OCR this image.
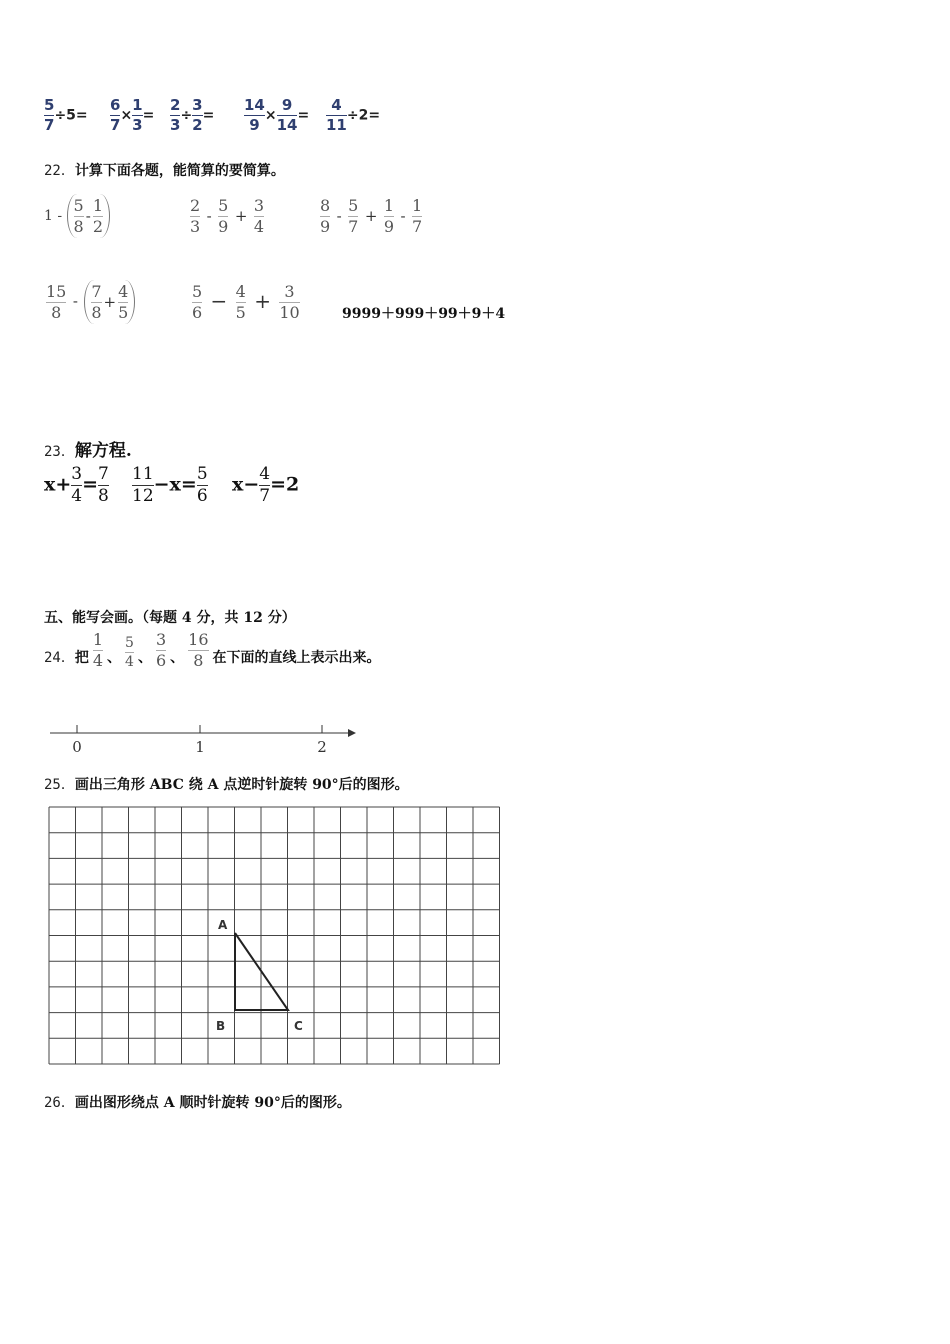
$\frac{5}{7} \div 5= \frac{6}{7} \times \frac{1}{3} = \frac{2}{3} \div \frac{3}{2} = \frac{14}{9} \times \frac{9}{14} = \frac{4}{11} \div 2=$
22．计算下面各题，能简算的要简算。
$1 - \frac{5}{8} - \frac{1}{2}$	$\frac{2}{3} - \frac{5}{9} + \frac{3}{4}$	$\frac{8}{9} - \frac{5}{7} + \frac{1}{9} - \frac{1}{7}$
$\frac{15}{8} - \frac{7}{8} + \frac{4}{5}$	$\frac{5}{6} - \frac{4}{5} + \frac{3}{10}$	9999＋999＋99＋9＋4
23．解方程.
$x+ \frac{3}{4} = \frac{7}{8} \frac{11}{12} -x= \frac{5}{6} x- \frac{4}{7} =2$
五、能写会画。（每题 4 分，共 12 分）
24． 把 $\frac{1}{4}$ 、 $\frac{5}{4}$ 、 $\frac{3}{6}$ 、 $\frac{16}{8}$ 在下面的直线上表示出来。
0	1	2
25．画出三角形 ABC 绕 A 点逆时针旋转 90°后的图形。
A
B	C
26．画出图形绕点 A 顺时针旋转 90°后的图形。
